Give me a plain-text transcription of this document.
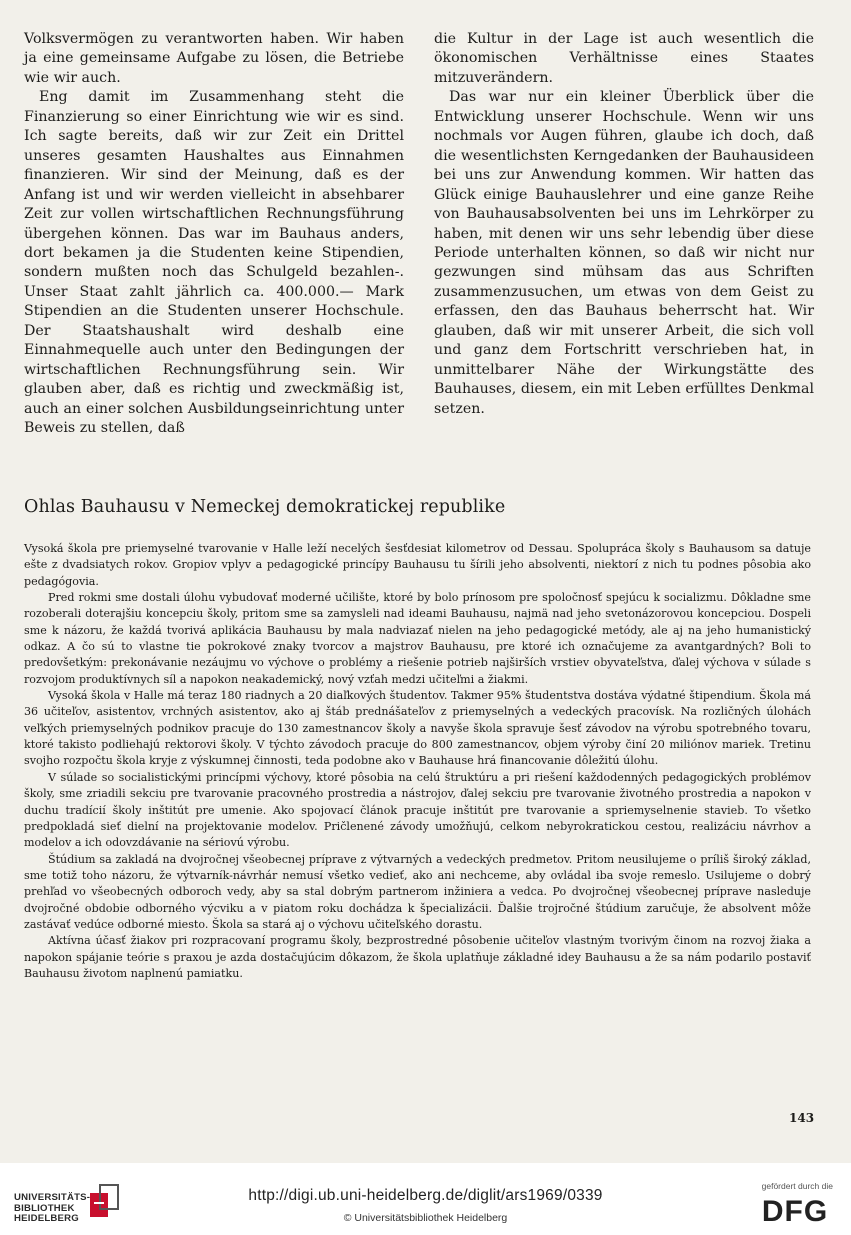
Volksvermögen zu verantworten haben. Wir haben ja eine gemeinsame Aufgabe zu lösen, die Betriebe wie wir auch.

Eng damit im Zusammenhang steht die Finanzierung so einer Einrichtung wie wir es sind. Ich sagte bereits, daß wir zur Zeit ein Drittel unseres gesamten Haushaltes aus Einnahmen finanzieren. Wir sind der Meinung, daß es der Anfang ist und wir werden vielleicht in absehbarer Zeit zur vollen wirtschaftlichen Rechnungsführung übergehen können. Das war im Bauhaus anders, dort bekamen ja die Studenten keine Stipendien, sondern mußten noch das Schulgeld bezahlen-. Unser Staat zahlt jährlich ca. 400.000.— Mark Stipendien an die Studenten unserer Hochschule. Der Staatshaushalt wird deshalb eine Einnahmequelle auch unter den Bedingungen der wirtschaftlichen Rechnungsführung sein. Wir glauben aber, daß es richtig und zweckmäßig ist, auch an einer solchen Ausbildungseinrichtung unter Beweis zu stellen, daß

die Kultur in der Lage ist auch wesentlich die ökonomischen Verhältnisse eines Staates mitzuverändern.

Das war nur ein kleiner Überblick über die Entwicklung unserer Hochschule. Wenn wir uns nochmals vor Augen führen, glaube ich doch, daß die wesentlichsten Kerngedanken der Bauhausideen bei uns zur Anwendung kommen. Wir hatten das Glück einige Bauhauslehrer und eine ganze Reihe von Bauhausabsolventen bei uns im Lehrkörper zu haben, mit denen wir uns sehr lebendig über diese Periode unterhalten können, so daß wir nicht nur gezwungen sind mühsam das aus Schriften zusammenzusuchen, um etwas von dem Geist zu erfassen, den das Bauhaus beherrscht hat. Wir glauben, daß wir mit unserer Arbeit, die sich voll und ganz dem Fortschritt verschrieben hat, in unmittelbarer Nähe der Wirkungstätte des Bauhauses, diesem, ein mit Leben erfülltes Denkmal setzen.

Ohlas Bauhausu v Nemeckej demokratickej republike

Vysoká škola pre priemyselné tvarovanie v Halle leží necelých šesťdesiat kilometrov od Dessau. Spolupráca školy s Bauhausom sa datuje ešte z dvadsiatych rokov. Gropiov vplyv a pedagogické princípy Bauhausu tu šírili jeho absolventi, niektorí z nich tu podnes pôsobia ako pedagógovia.

Pred rokmi sme dostali úlohu vybudovať moderné učilište, ktoré by bolo prínosom pre spoločnosť spejúcu k socializmu. Dôkladne sme rozoberali doterajšiu koncepciu školy, pritom sme sa zamysleli nad ideami Bauhausu, najmä nad jeho svetonázorovou koncepciou. Dospeli sme k názoru, že každá tvorivá aplikácia Bauhausu by mala nadviazať nielen na jeho pedagogické metódy, ale aj na jeho humanistický odkaz. A čo sú to vlastne tie pokrokové znaky tvorcov a majstrov Bauhausu, pre ktoré ich označujeme za avantgardných? Boli to predovšetkým: prekonávanie nezáujmu vo výchove o problémy a riešenie potrieb najširších vrstiev obyvateľstva, ďalej výchova v súlade s rozvojom produktívnych síl a napokon neakademický, nový vzťah medzi učiteľmi a žiakmi.

Vysoká škola v Halle má teraz 180 riadnych a 20 diaľkových študentov. Takmer 95% študentstva dostáva výdatné štipendium. Škola má 36 učiteľov, asistentov, vrchných asistentov, ako aj štáb prednášateľov z priemyselných a vedeckých pracovísk. Na rozličných úlohách veľkých priemyselných podnikov pracuje do 130 zamestnancov školy a navyše škola spravuje šesť závodov na výrobu spotrebného tovaru, ktoré takisto podliehajú rektorovi školy. V týchto závodoch pracuje do 800 zamestnancov, objem výroby činí 20 miliónov mariek. Tretinu svojho rozpočtu škola kryje z výskumnej činnosti, teda podobne ako v Bauhause hrá financovanie dôležitú úlohu.

V súlade so socialistickými princípmi výchovy, ktoré pôsobia na celú štruktúru a pri riešení každodenných pedagogických problémov školy, sme zriadili sekciu pre tvarovanie pracovného prostredia a nástrojov, ďalej sekciu pre tvarovanie životného prostredia a napokon v duchu tradícií školy inštitút pre umenie. Ako spojovací článok pracuje inštitút pre tvarovanie a spriemyselnenie stavieb. To všetko predpokladá sieť dielní na projektovanie modelov. Pričlenené závody umožňujú, celkom nebyrokratickou cestou, realizáciu návrhov a modelov a ich odovzdávanie na sériovú výrobu.

Štúdium sa zakladá na dvojročnej všeobecnej príprave z výtvarných a vedeckých predmetov. Pritom neusilujeme o príliš široký základ, sme totiž toho názoru, že výtvarník-návrhár nemusí všetko vedieť, ako ani nechceme, aby ovládal iba svoje remeslo. Usilujeme o dobrý prehľad vo všeobecných odboroch vedy, aby sa stal dobrým partnerom inžiniera a vedca. Po dvojročnej všeobecnej príprave nasleduje dvojročné obdobie odborného výcviku a v piatom roku dochádza k špecializácii. Ďalšie trojročné štúdium zaručuje, že absolvent môže zastávať vedúce odborné miesto. Škola sa stará aj o výchovu učiteľského dorastu.

Aktívna účasť žiakov pri rozpracovaní programu školy, bezprostredné pôsobenie učiteľov vlastným tvorivým činom na rozvoj žiaka a napokon spájanie teórie s praxou je azda dostačujúcim dôkazom, že škola uplatňuje základné idey Bauhausu a že sa nám podarilo postaviť Bauhausu životom naplnenú pamiatku.

143
UNIVERSITÄTS-
BIBLIOTHEK
HEIDELBERG
http://digi.ub.uni-heidelberg.de/diglit/ars1969/0339
© Universitätsbibliothek Heidelberg
gefördert durch die
DFG
